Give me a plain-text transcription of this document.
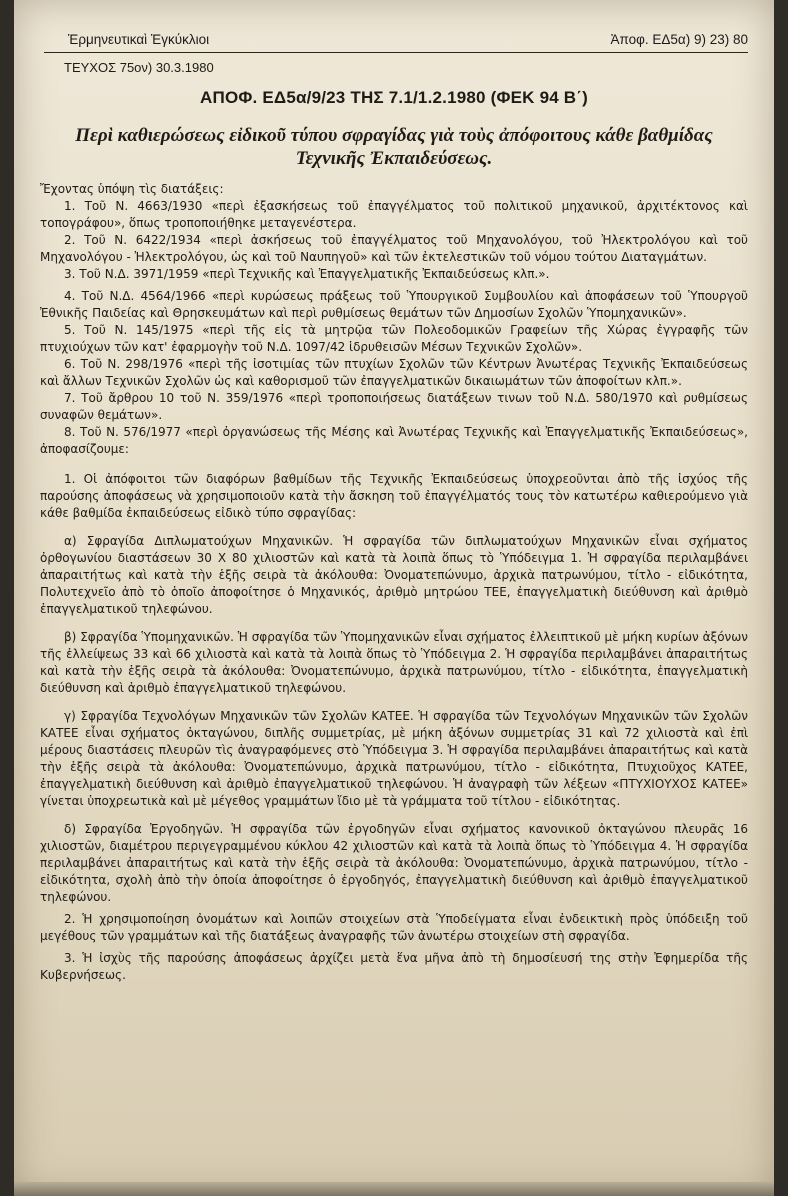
Ἑρμηνευτικαὶ Ἐγκύκλιοι	Ἀποφ. ΕΔ5α) 9) 23) 80
ΤΕΥΧΟΣ 75ον) 30.3.1980
ΑΠΟΦ. ΕΔ5α/9/23 ΤΗΣ 7.1/1.2.1980 (ΦΕΚ 94 Β΄)
Περὶ καθιερώσεως εἰδικοῦ τύπου σφραγίδας γιὰ τοὺς ἀπόφοιτους κάθε βαθμίδας Τεχνικῆς Ἐκπαιδεύσεως.

Ἔχοντας ὑπόψη τὶς διατάξεις:

1. Τοῦ Ν. 4663/1930 «περὶ ἐξασκήσεως τοῦ ἐπαγγέλματος τοῦ πολιτικοῦ μηχανικοῦ, ἀρχιτέκτονος καὶ τοπογράφου», ὅπως τροποποιήθηκε μεταγενέστερα.

2. Τοῦ Ν. 6422/1934 «περὶ ἀσκήσεως τοῦ ἐπαγγέλματος τοῦ Μηχανολόγου, τοῦ Ἠλεκτρολόγου καὶ τοῦ Μηχανολόγου - Ἠλεκτρολόγου, ὡς καὶ τοῦ Ναυπηγοῦ» καὶ τῶν ἐκτελεστικῶν τοῦ νόμου τούτου Διαταγμάτων.

3. Τοῦ Ν.Δ. 3971/1959 «περὶ Τεχνικῆς καὶ Ἐπαγγελματικῆς Ἐκπαιδεύσεως κλπ.».

4. Τοῦ Ν.Δ. 4564/1966 «περὶ κυρώσεως πράξεως τοῦ Ὑπουργικοῦ Συμβουλίου καὶ ἀποφάσεων τοῦ Ὑπουργοῦ Ἐθνικῆς Παιδείας καὶ Θρησκευμάτων καὶ περὶ ρυθμίσεως θεμάτων τῶν Δημοσίων Σχολῶν Ὑπομηχανικῶν».

5. Τοῦ Ν. 145/1975 «περὶ τῆς εἰς τὰ μητρῷα τῶν Πολεοδομικῶν Γραφείων τῆς Χώρας ἐγγραφῆς τῶν πτυχιούχων τῶν κατ' ἐφαρμογὴν τοῦ Ν.Δ. 1097/42 ἱδρυθεισῶν Μέσων Τεχνικῶν Σχολῶν».

6. Τοῦ Ν. 298/1976 «περὶ τῆς ἰσοτιμίας τῶν πτυχίων Σχολῶν τῶν Κέντρων Ἀνωτέρας Τεχνικῆς Ἐκπαιδεύσεως καὶ ἄλλων Τεχνικῶν Σχολῶν ὡς καὶ καθορισμοῦ τῶν ἐπαγγελματικῶν δικαιωμάτων τῶν ἀποφοίτων κλπ.».

7. Τοῦ ἄρθρου 10 τοῦ Ν. 359/1976 «περὶ τροποποιήσεως διατάξεων τινων τοῦ Ν.Δ. 580/1970 καὶ ρυθμίσεως συναφῶν θεμάτων».

8. Τοῦ Ν. 576/1977 «περὶ ὀργανώσεως τῆς Μέσης καὶ Ἀνωτέρας Τεχνικῆς καὶ Ἐπαγγελματικῆς Ἐκπαιδεύσεως», ἀποφασίζουμε:

1. Οἱ ἀπόφοιτοι τῶν διαφόρων βαθμίδων τῆς Τεχνικῆς Ἐκπαιδεύσεως ὑποχρεοῦνται ἀπὸ τῆς ἰσχύος τῆς παρούσης ἀποφάσεως νὰ χρησιμοποιοῦν κατὰ τὴν ἄσκηση τοῦ ἐπαγγέλματός τους τὸν κατωτέρω καθιερούμενο γιὰ κάθε βαθμίδα ἐκπαιδεύσεως εἰδικὸ τύπο σφραγίδας:

α) Σφραγίδα Διπλωματούχων Μηχανικῶν. Ἡ σφραγίδα τῶν διπλωματούχων Μηχανικῶν εἶναι σχήματος ὀρθογωνίου διαστάσεων 30 Χ 80 χιλιοστῶν καὶ κατὰ τὰ λοιπὰ ὅπως τὸ Ὑπόδειγμα 1. Ἡ σφραγίδα περιλαμβάνει ἀπαραιτήτως καὶ κατὰ τὴν ἑξῆς σειρὰ τὰ ἀκόλουθα: Ὀνοματεπώνυμο, ἀρχικὰ πατρωνύμου, τίτλο - εἰδικότητα, Πολυτεχνεῖο ἀπὸ τὸ ὁποῖο ἀποφοίτησε ὁ Μηχανικός, ἀριθμὸ μητρώου ΤΕΕ, ἐπαγγελματικὴ διεύθυνση καὶ ἀριθμὸ ἐπαγγελματικοῦ τηλεφώνου.

β) Σφραγίδα Ὑπομηχανικῶν. Ἡ σφραγίδα τῶν Ὑπομηχανικῶν εἶναι σχήματος ἐλλειπτικοῦ μὲ μήκη κυρίων ἀξόνων τῆς ἐλλείψεως 33 καὶ 66 χιλιοστὰ καὶ κατὰ τὰ λοιπὰ ὅπως τὸ Ὑπόδειγμα 2. Ἡ σφραγίδα περιλαμβάνει ἀπαραιτήτως καὶ κατὰ τὴν ἑξῆς σειρὰ τὰ ἀκόλουθα: Ὀνοματεπώνυμο, ἀρχικὰ πατρωνύμου, τίτλο - εἰδικότητα, ἐπαγγελματικὴ διεύθυνση καὶ ἀριθμὸ ἐπαγγελματικοῦ τηλεφώνου.

γ) Σφραγίδα Τεχνολόγων Μηχανικῶν τῶν Σχολῶν ΚΑΤΕΕ. Ἡ σφραγίδα τῶν Τεχνολόγων Μηχανικῶν τῶν Σχολῶν ΚΑΤΕΕ εἶναι σχήματος ὀκταγώνου, διπλῆς συμμετρίας, μὲ μήκη ἀξόνων συμμετρίας 31 καὶ 72 χιλιοστὰ καὶ ἐπὶ μέρους διαστάσεις πλευρῶν τὶς ἀναγραφόμενες στὸ Ὑπόδειγμα 3. Ἡ σφραγίδα περιλαμβάνει ἀπαραιτήτως καὶ κατὰ τὴν ἑξῆς σειρὰ τὰ ἀκόλουθα: Ὀνοματεπώνυμο, ἀρχικὰ πατρωνύμου, τίτλο - εἰδικότητα, Πτυχιοῦχος ΚΑΤΕΕ, ἐπαγγελματικὴ διεύθυνση καὶ ἀριθμὸ ἐπαγγελματικοῦ τηλεφώνου. Ἡ ἀναγραφὴ τῶν λέξεων «ΠΤΥΧΙΟΥΧΟΣ ΚΑΤΕΕ» γίνεται ὑποχρεωτικὰ καὶ μὲ μέγεθος γραμμάτων ἴδιο μὲ τὰ γράμματα τοῦ τίτλου - εἰδικότητας.

δ) Σφραγίδα Ἐργοδηγῶν. Ἡ σφραγίδα τῶν ἐργοδηγῶν εἶναι σχήματος κανονικοῦ ὀκταγώνου πλευρᾶς 16 χιλιοστῶν, διαμέτρου περιγεγραμμένου κύκλου 42 χιλιοστῶν καὶ κατὰ τὰ λοιπὰ ὅπως τὸ Ὑπόδειγμα 4. Ἡ σφραγίδα περιλαμβάνει ἀπαραιτήτως καὶ κατὰ τὴν ἑξῆς σειρὰ τὰ ἀκόλουθα: Ὀνοματεπώνυμο, ἀρχικὰ πατρωνύμου, τίτλο - εἰδικότητα, σχολὴ ἀπὸ τὴν ὁποία ἀποφοίτησε ὁ ἐργοδηγός, ἐπαγγελματικὴ διεύθυνση καὶ ἀριθμὸ ἐπαγγελματικοῦ τηλεφώνου.

2. Ἡ χρησιμοποίηση ὀνομάτων καὶ λοιπῶν στοιχείων στὰ Ὑποδείγματα εἶναι ἐνδεικτικὴ πρὸς ὑπόδειξη τοῦ μεγέθους τῶν γραμμάτων καὶ τῆς διατάξεως ἀναγραφῆς τῶν ἀνωτέρω στοιχείων στὴ σφραγίδα.

3. Ἡ ἰσχὺς τῆς παρούσης ἀποφάσεως ἀρχίζει μετὰ ἕνα μῆνα ἀπὸ τὴ δημοσίευσή της στὴν Ἐφημερίδα τῆς Κυβερνήσεως.
